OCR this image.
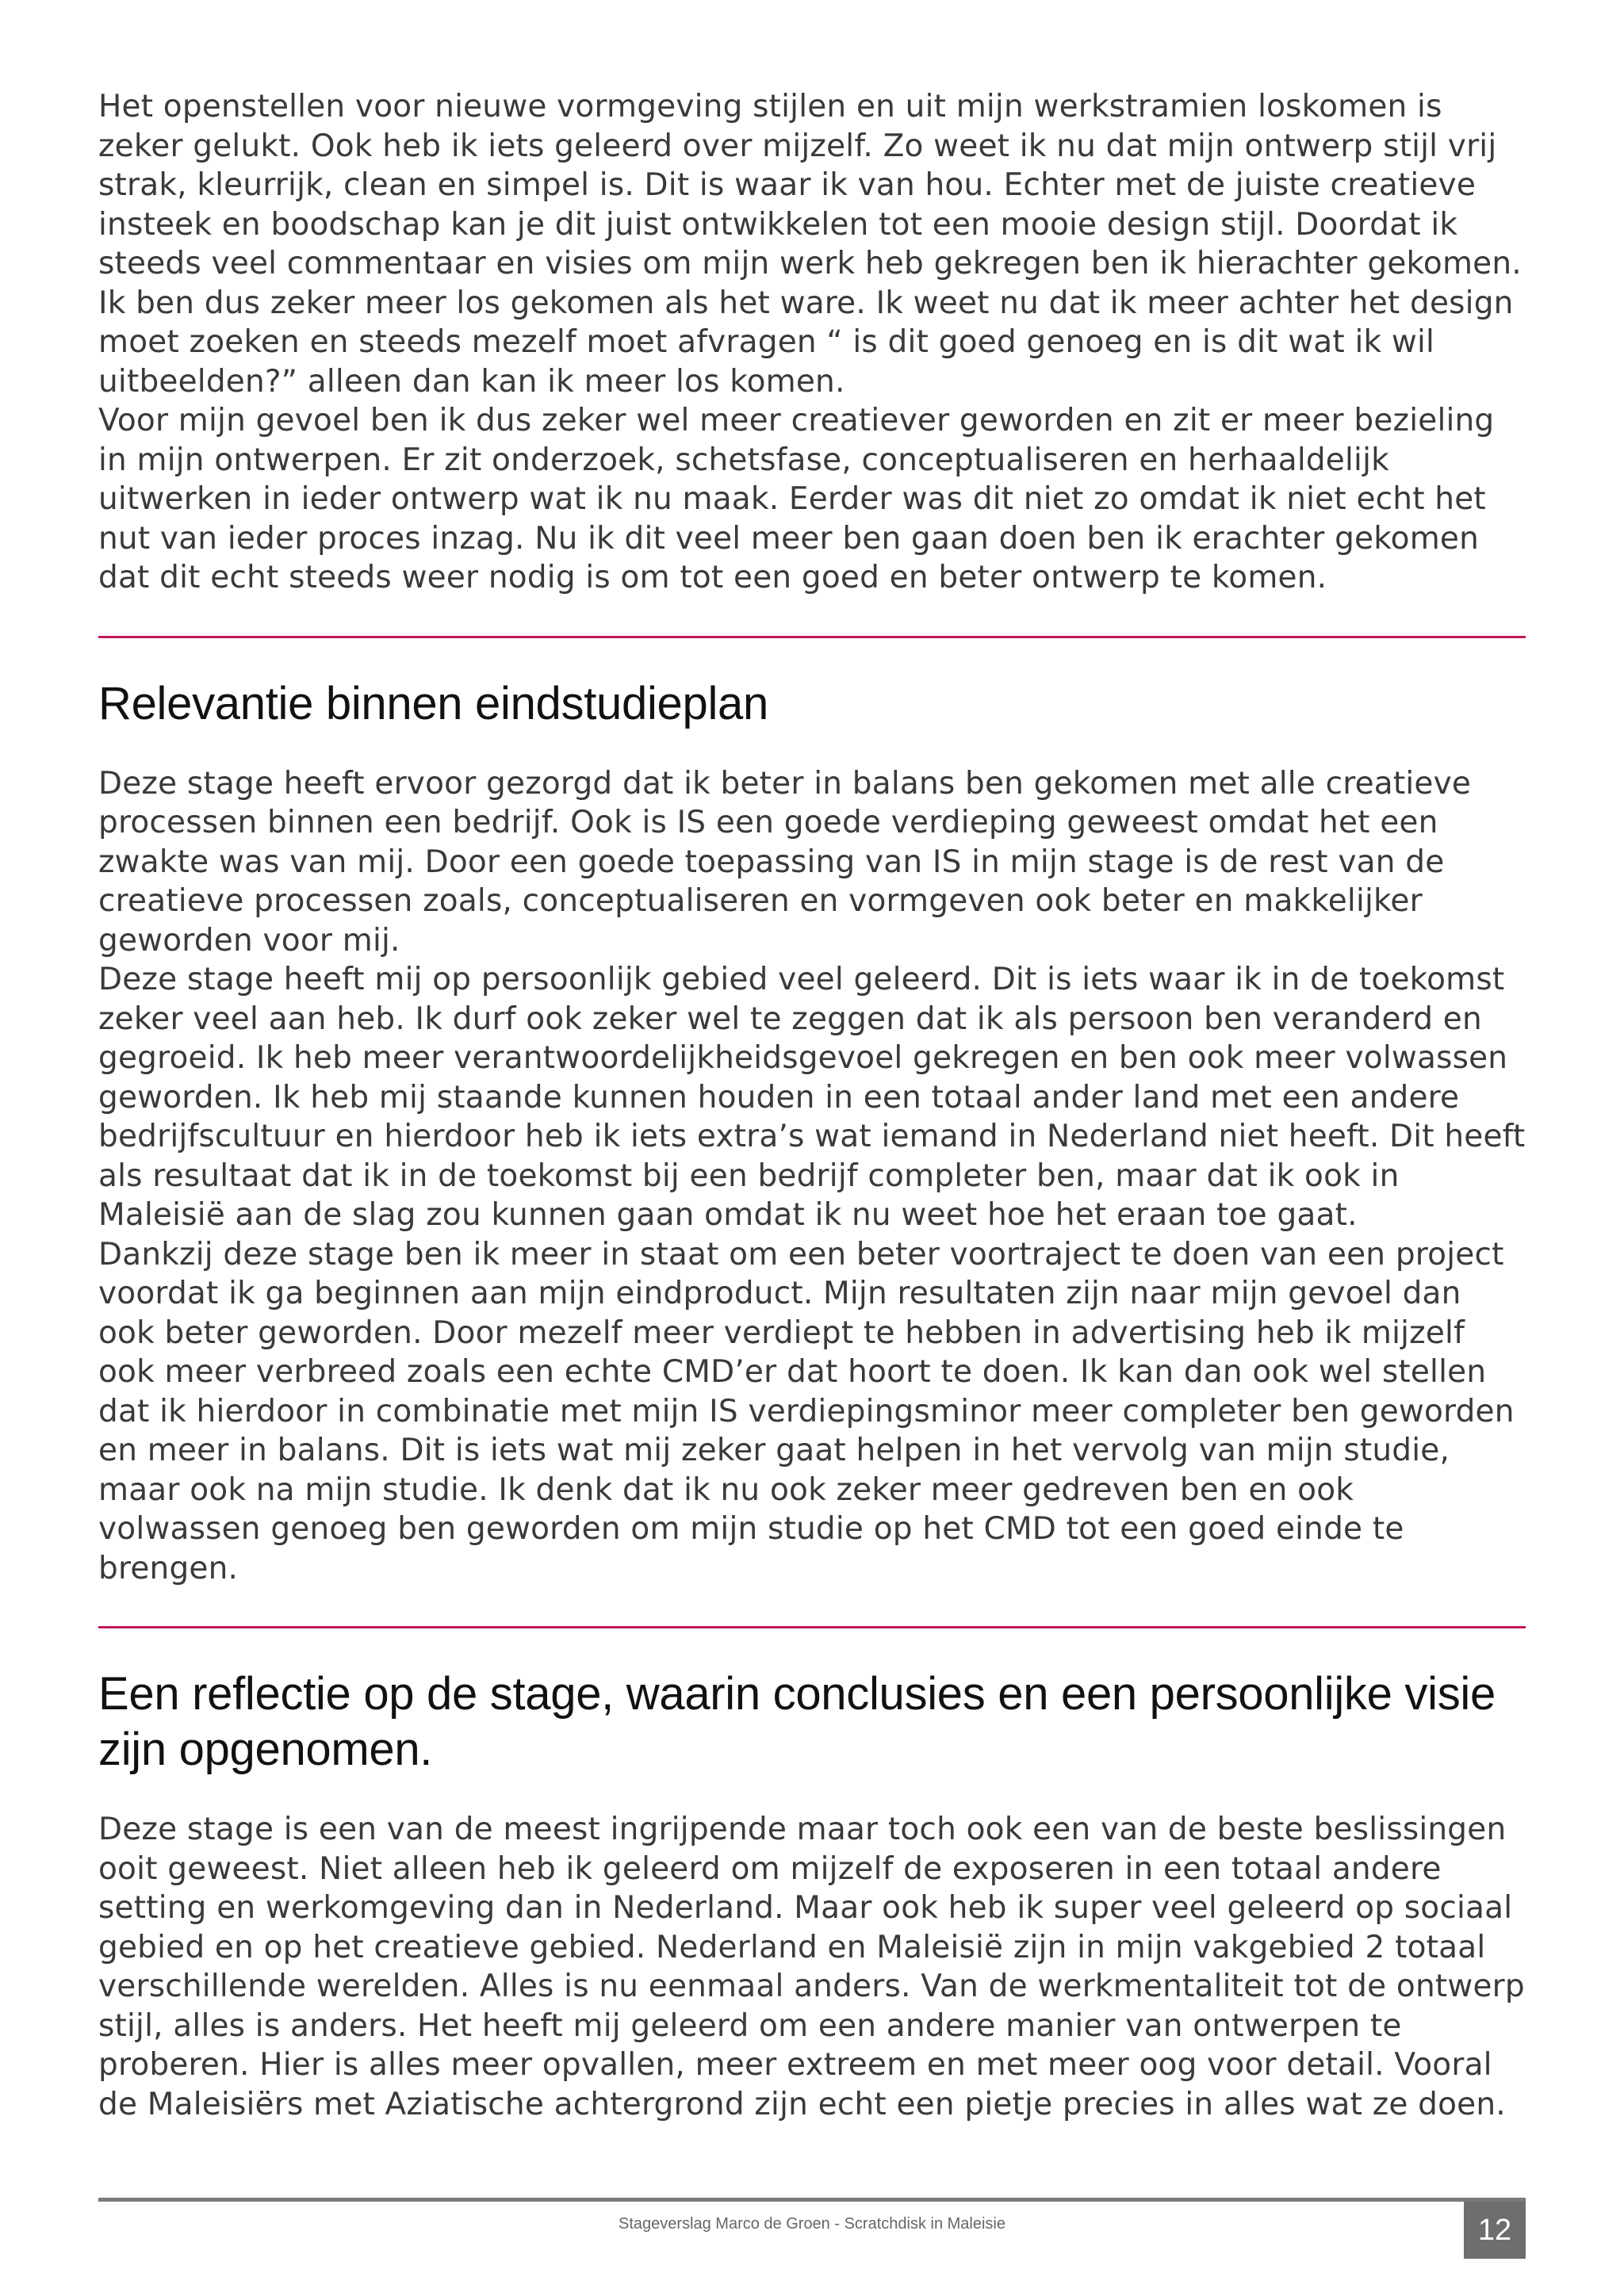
Het openstellen voor nieuwe vormgeving stijlen en uit mijn werkstramien loskomen is zeker gelukt. Ook heb ik iets geleerd over mijzelf. Zo weet ik nu dat mijn ontwerp stijl vrij strak, kleurrijk, clean en simpel is. Dit is waar ik van hou. Echter met de juiste creatieve insteek en boodschap kan je dit juist ontwikkelen tot een mooie design stijl. Doordat ik steeds veel commentaar en visies om mijn werk heb gekregen ben ik hierachter gekomen. Ik ben dus zeker meer los gekomen als het ware. Ik weet nu dat ik meer achter het design moet zoeken en steeds mezelf moet afvragen “ is dit goed genoeg en is dit wat ik wil uitbeelden?” alleen dan kan ik meer los komen.

Voor mijn gevoel ben ik dus zeker wel meer creatiever geworden en zit er meer bezieling in mijn ontwerpen. Er zit onderzoek, schetsfase, conceptualiseren en herhaaldelijk uitwerken in ieder ontwerp wat ik nu maak. Eerder was dit niet zo omdat ik niet echt het nut van ieder proces inzag. Nu ik dit veel meer ben gaan doen ben ik erachter gekomen dat dit echt steeds weer nodig is om tot een goed en beter ontwerp te komen.

Relevantie binnen eindstudieplan

Deze stage heeft ervoor gezorgd dat ik beter in balans ben gekomen met alle creatieve processen binnen een bedrijf. Ook is IS een goede verdieping geweest omdat het een zwakte was van mij. Door een goede toepassing van IS in mijn stage is de rest van de creatieve processen zoals, conceptualiseren en vormgeven ook beter en makkelijker geworden voor mij.

Deze stage heeft mij op persoonlijk gebied veel geleerd. Dit is iets waar ik in de toekomst zeker veel aan heb. Ik durf ook zeker wel te zeggen dat ik als persoon ben veranderd en gegroeid. Ik heb meer verantwoordelijkheidsgevoel gekregen en ben ook meer volwassen geworden. Ik heb mij staande kunnen houden in een totaal ander land met een andere bedrijfscultuur en hierdoor heb ik iets extra’s wat iemand in Nederland niet heeft. Dit heeft als resultaat dat ik in de toekomst bij een bedrijf completer ben, maar dat ik ook in Maleisië aan de slag zou kunnen gaan omdat ik nu weet hoe het eraan toe gaat.

Dankzij deze stage ben ik meer in staat om een beter voortraject te doen van een project voordat ik ga beginnen aan mijn eindproduct. Mijn resultaten zijn naar mijn gevoel dan ook beter geworden. Door mezelf meer verdiept te hebben in advertising heb ik mijzelf ook meer verbreed zoals een echte CMD’er dat hoort te doen. Ik kan dan ook wel stellen dat ik hierdoor in combinatie met mijn IS verdiepingsminor meer completer ben geworden en meer in balans. Dit is iets wat mij zeker gaat helpen in het vervolg van mijn studie, maar ook na mijn studie. Ik denk dat ik nu ook zeker meer gedreven ben en ook volwassen genoeg ben geworden om mijn studie op het CMD tot een goed einde te brengen.

Een reflectie op de stage, waarin conclusies en een persoonlijke visie zijn opgenomen.

Deze stage is een van de meest ingrijpende maar toch ook een van de beste beslissingen ooit geweest. Niet alleen heb ik geleerd om mijzelf de exposeren in een totaal andere setting en werkomgeving dan in Nederland. Maar ook heb ik super veel geleerd op sociaal gebied en op het creatieve gebied. Nederland en Maleisië zijn in mijn vakgebied 2 totaal verschillende werelden. Alles is nu eenmaal anders. Van de werkmentaliteit tot de ontwerp stijl, alles is anders. Het heeft mij geleerd om een andere manier van ontwerpen te proberen. Hier is alles meer opvallen, meer extreem en met meer oog voor detail. Vooral de Maleisiërs met Aziatische achtergrond zijn echt een pietje precies in alles wat ze doen.

Stageverslag Marco de Groen - Scratchdisk in Maleisie	12
